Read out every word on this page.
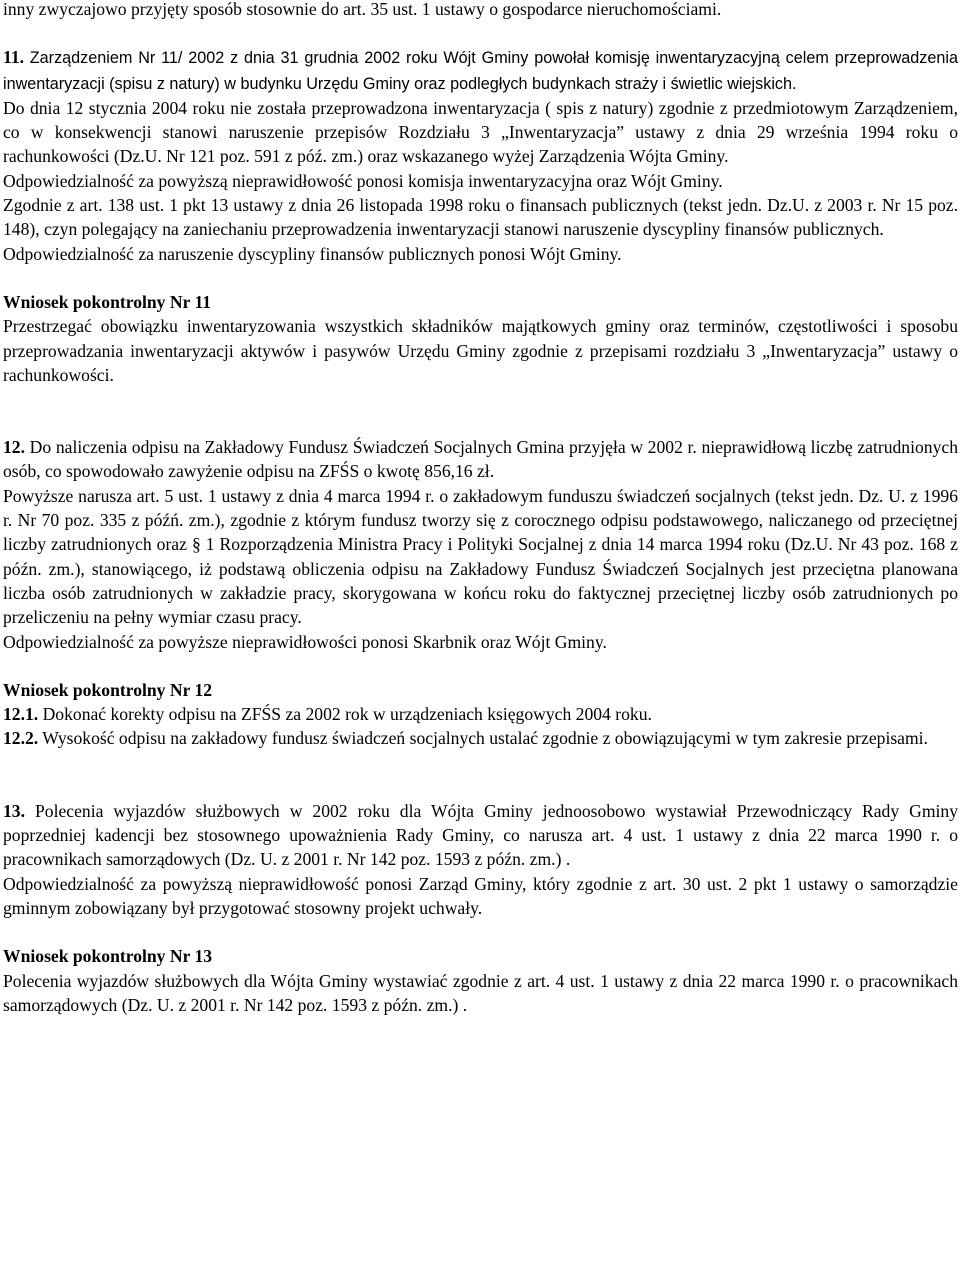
inny zwyczajowo przyjęty sposób stosownie do art. 35 ust. 1 ustawy o gospodarce nieruchomościami.

11. Zarządzeniem Nr 11/ 2002 z dnia 31 grudnia 2002 roku Wójt Gminy powołał komisję inwentaryzacyjną celem przeprowadzenia inwentaryzacji (spisu z natury) w budynku Urzędu Gminy oraz podległych budynkach straży i świetlic wiejskich.

Do dnia 12 stycznia 2004 roku nie została przeprowadzona inwentaryzacja ( spis z natury) zgodnie z przedmiotowym Zarządzeniem, co w konsekwencji stanowi naruszenie przepisów Rozdziału 3 „Inwentaryzacja” ustawy z dnia 29 września 1994 roku o rachunkowości (Dz.U. Nr 121 poz. 591 z póź. zm.) oraz wskazanego wyżej Zarządzenia Wójta Gminy.

Odpowiedzialność za powyższą nieprawidłowość ponosi komisja inwentaryzacyjna oraz Wójt Gminy.

Zgodnie z art. 138 ust. 1 pkt 13 ustawy z dnia 26 listopada 1998 roku o finansach publicznych (tekst jedn. Dz.U. z 2003 r. Nr 15 poz. 148), czyn polegający na zaniechaniu przeprowadzenia inwentaryzacji stanowi naruszenie dyscypliny finansów publicznych.

Odpowiedzialność za naruszenie dyscypliny finansów publicznych ponosi Wójt Gminy.

Wniosek pokontrolny Nr 11

Przestrzegać obowiązku inwentaryzowania wszystkich składników majątkowych gminy oraz terminów, częstotliwości i sposobu przeprowadzania inwentaryzacji aktywów i pasywów Urzędu Gminy zgodnie z przepisami rozdziału 3 „Inwentaryzacja” ustawy o rachunkowości.

12. Do naliczenia odpisu na Zakładowy Fundusz Świadczeń Socjalnych Gmina przyjęła w 2002 r. nieprawidłową liczbę zatrudnionych osób, co spowodowało zawyżenie odpisu na ZFŚS o kwotę 856,16 zł.

Powyższe narusza art. 5 ust. 1 ustawy z dnia 4 marca 1994 r. o zakładowym funduszu świadczeń socjalnych (tekst jedn. Dz. U. z 1996 r. Nr 70 poz. 335 z późń. zm.), zgodnie z którym fundusz tworzy się z corocznego odpisu podstawowego, naliczanego od przeciętnej liczby zatrudnionych oraz § 1 Rozporządzenia Ministra Pracy i Polityki Socjalnej z dnia 14 marca 1994 roku (Dz.U. Nr 43 poz. 168 z późn. zm.), stanowiącego, iż podstawą obliczenia odpisu na Zakładowy Fundusz Świadczeń Socjalnych jest przeciętna planowana liczba osób zatrudnionych w zakładzie pracy, skorygowana w końcu roku do faktycznej przeciętnej liczby osób zatrudnionych po przeliczeniu na pełny wymiar czasu pracy.

Odpowiedzialność za powyższe nieprawidłowości ponosi Skarbnik oraz Wójt Gminy.

Wniosek pokontrolny Nr 12

12.1. Dokonać korekty odpisu na ZFŚS za 2002 rok w urządzeniach księgowych 2004 roku.

12.2. Wysokość odpisu na zakładowy fundusz świadczeń socjalnych ustalać zgodnie z obowiązującymi w tym zakresie przepisami.

13. Polecenia wyjazdów służbowych w 2002 roku dla Wójta Gminy jednoosobowo wystawiał Przewodniczący Rady Gminy poprzedniej kadencji bez stosownego upoważnienia Rady Gminy, co narusza art. 4 ust. 1 ustawy z dnia 22 marca 1990 r. o pracownikach samorządowych (Dz. U. z 2001 r. Nr 142 poz. 1593 z późn. zm.) .

Odpowiedzialność za powyższą nieprawidłowość ponosi Zarząd Gminy, który zgodnie z art. 30 ust. 2 pkt 1 ustawy o samorządzie gminnym zobowiązany był przygotować stosowny projekt uchwały.

Wniosek pokontrolny Nr 13

Polecenia wyjazdów służbowych dla Wójta Gminy wystawiać zgodnie z art. 4 ust. 1 ustawy z dnia 22 marca 1990 r. o pracownikach samorządowych (Dz. U. z 2001 r. Nr 142 poz. 1593 z późn. zm.) .
